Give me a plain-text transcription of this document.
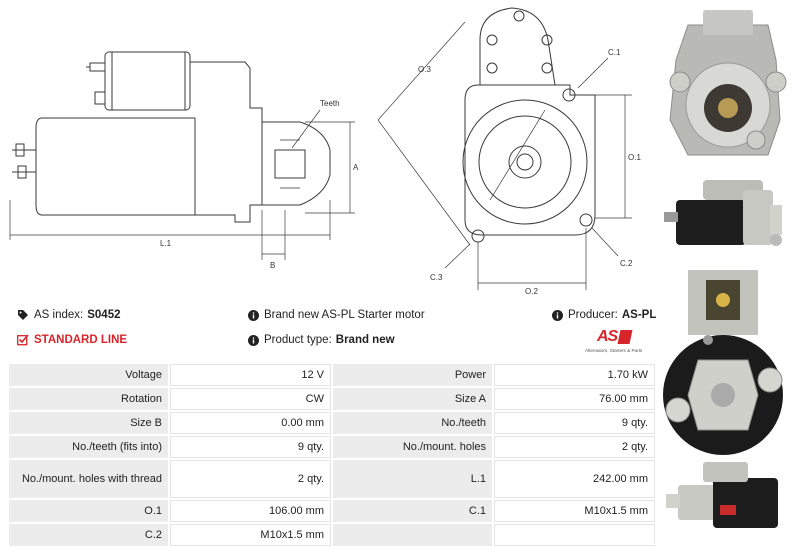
Teeth
A
L.1
B
O.3
C.1
O.1
C.3
C.2
O.2
AS index: S0452	Brand new AS-PL Starter motor	Producer: AS-PL
STANDARD LINE	Product type: Brand new	AS
Alternators, Starters & Parts
Voltage	12 V	Power	1.70 kW
Rotation	CW	Size A	76.00 mm
Size B	0.00 mm	No./teeth	9 qty.
No./teeth (fits into)	9 qty.	No./mount. holes	2 qty.
No./mount. holes with thread	2 qty.	L.1	242.00 mm
O.1	106.00 mm	C.1	M10x1.5 mm
C.2	M10x1.5 mm		
